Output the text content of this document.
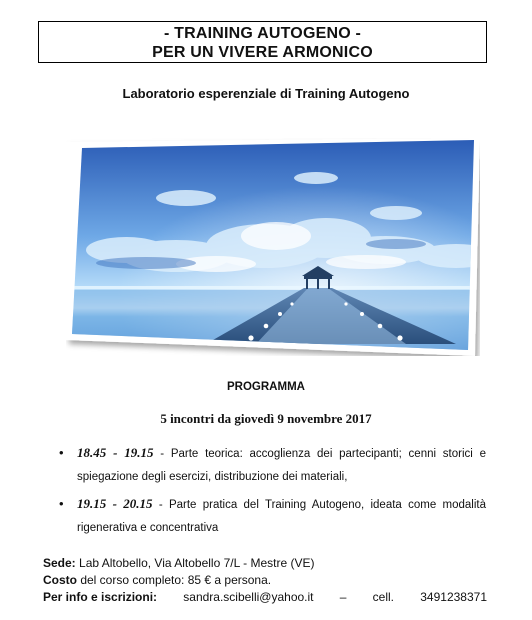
- TRAINING AUTOGENO -
PER UN VIVERE ARMONICO
Laboratorio esperenziale di Training Autogeno
PROGRAMMA
5 incontri da giovedì 9 novembre 2017
• 18.45 - 19.15 - Parte teorica: accoglienza dei partecipanti; cenni storici e spiegazione degli esercizi, distribuzione dei materiali,
• 19.15 - 20.15 - Parte pratica del Training Autogeno, ideata come modalità rigenerativa e concentrativa
Sede: Lab Altobello, Via Altobello 7/L - Mestre (VE)
Costo del corso completo: 85 € a persona.
Per info e iscrizioni: sandra.scibelli@yahoo.it – cell. 3491238371
